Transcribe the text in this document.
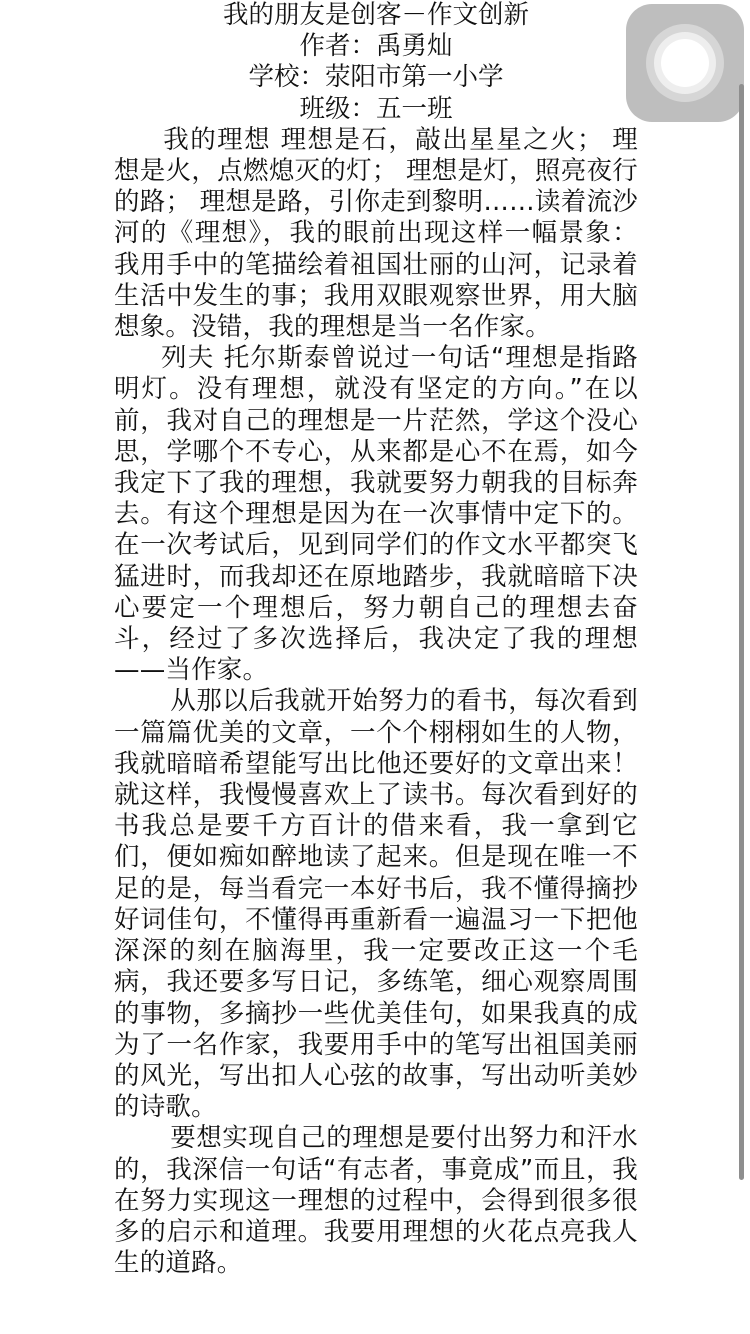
我的朋友是创客－作文创新
作者：禹勇灿
学校：荥阳市第一小学
班级：五一班

我的理想 理想是石，敲出星星之火； 理想是火，点燃熄灭的灯； 理想是灯，照亮夜行的路； 理想是路，引你走到黎明……读着流沙河的《理想》，我的眼前出现这样一幅景象：我用手中的笔描绘着祖国壮丽的山河，记录着生活中发生的事；我用双眼观察世界，用大脑想象。没错，我的理想是当一名作家。

列夫 托尔斯泰曾说过一句话“理想是指路明灯。没有理想，就没有坚定的方向。”在以前，我对自己的理想是一片茫然，学这个没心思，学哪个不专心，从来都是心不在焉，如今我定下了我的理想，我就要努力朝我的目标奔去。有这个理想是因为在一次事情中定下的。 在一次考试后，见到同学们的作文水平都突飞猛进时，而我却还在原地踏步，我就暗暗下决心要定一个理想后，努力朝自己的理想去奋斗，经过了多次选择后，我决定了我的理想——当作家。

从那以后我就开始努力的看书，每次看到一篇篇优美的文章，一个个栩栩如生的人物，我就暗暗希望能写出比他还要好的文章出来！就这样，我慢慢喜欢上了读书。每次看到好的书我总是要千方百计的借来看，我一拿到它们，便如痴如醉地读了起来。但是现在唯一不足的是，每当看完一本好书后，我不懂得摘抄好词佳句，不懂得再重新看一遍温习一下把他深深的刻在脑海里，我一定要改正这一个毛病，我还要多写日记，多练笔，细心观察周围的事物，多摘抄一些优美佳句，如果我真的成为了一名作家，我要用手中的笔写出祖国美丽的风光，写出扣人心弦的故事，写出动听美妙的诗歌。

要想实现自己的理想是要付出努力和汗水的，我深信一句话“有志者，事竟成”而且，我在努力实现这一理想的过程中，会得到很多很多的启示和道理。我要用理想的火花点亮我人生的道路。
